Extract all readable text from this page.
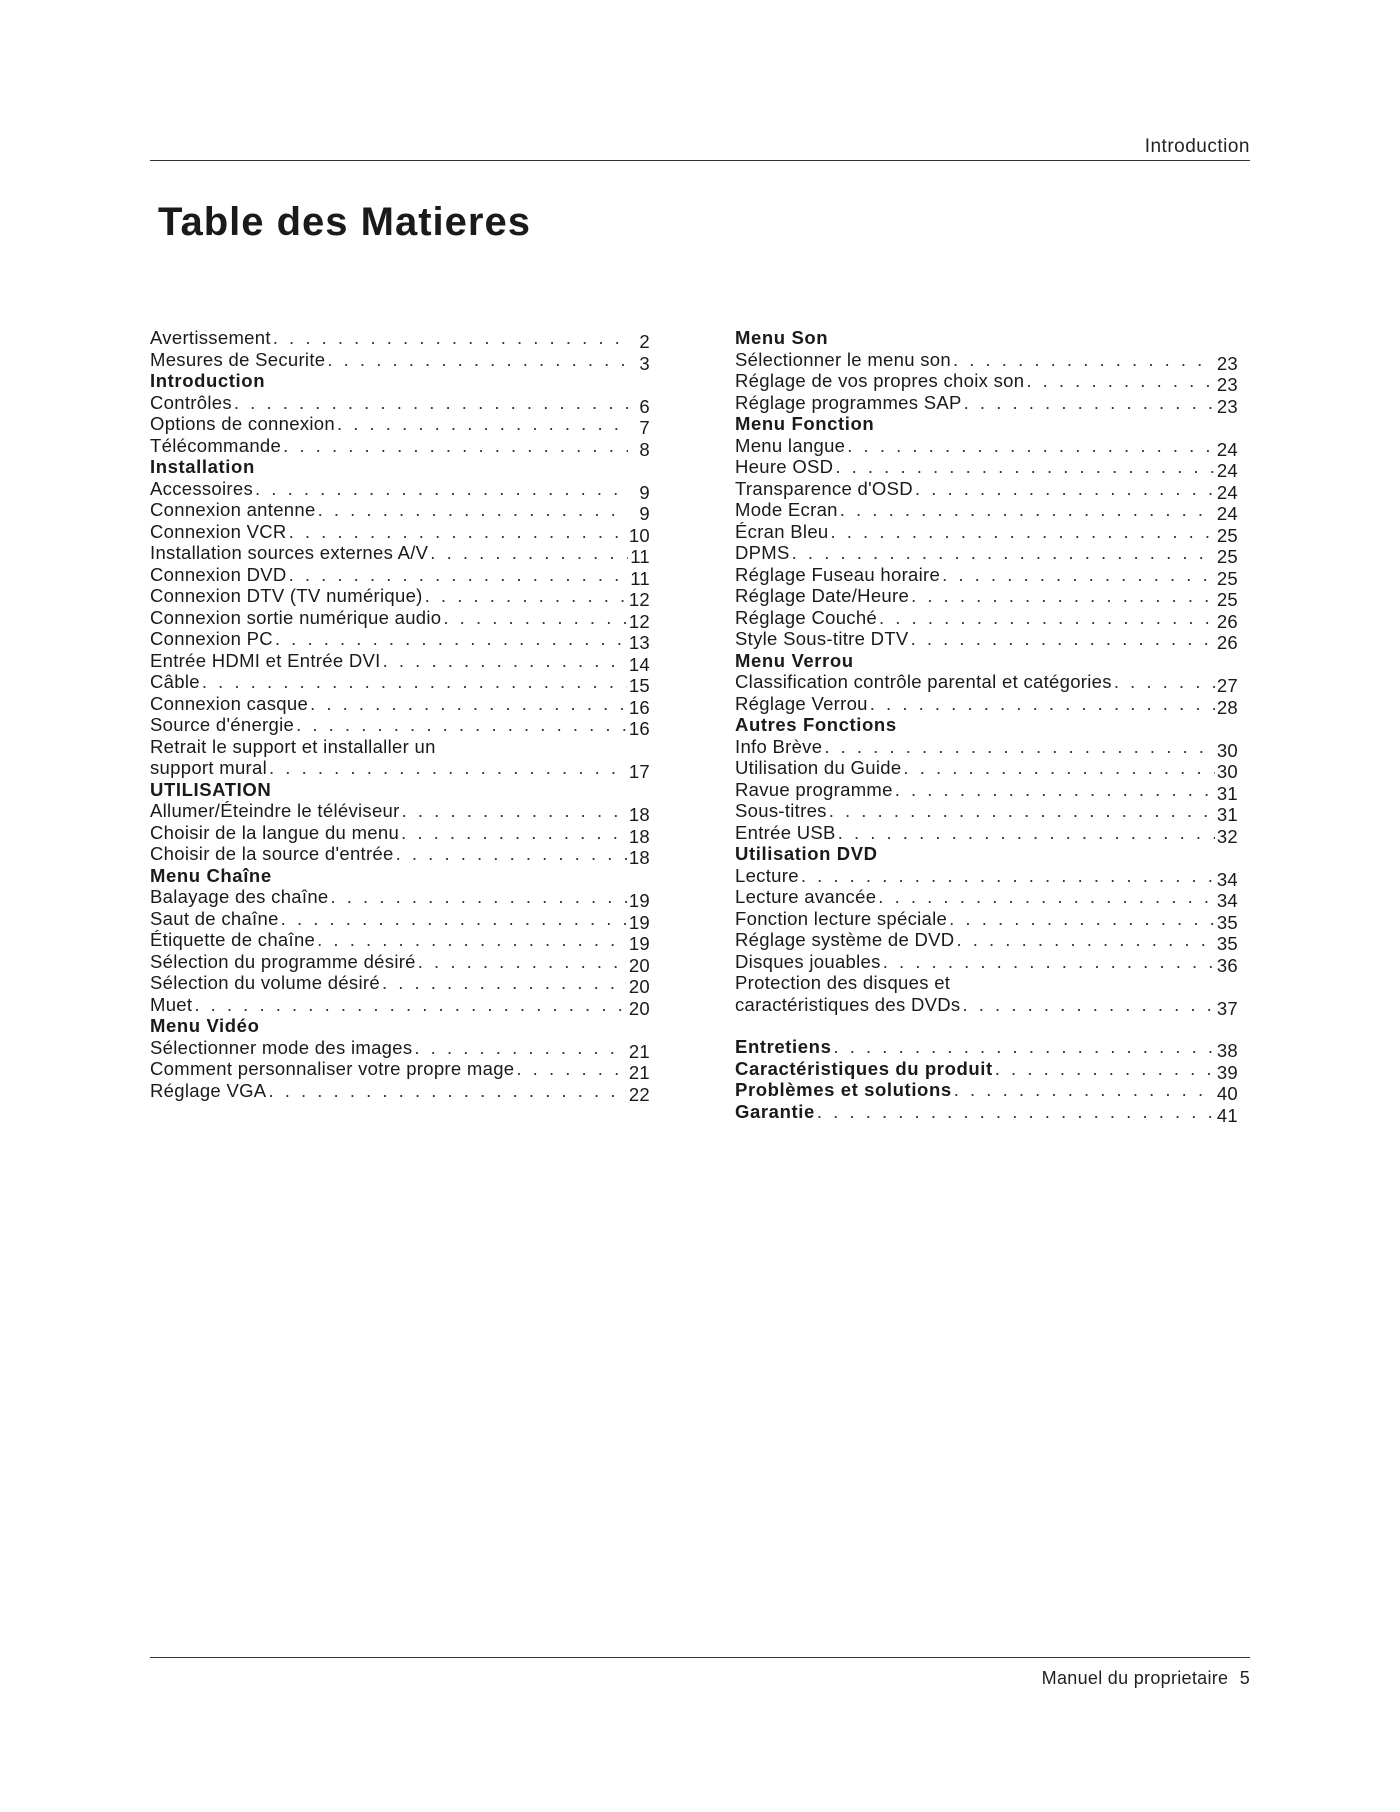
Introduction
Table des Matieres
Avertissement . . .	2
Mesures de Securite . . .	3
Introduction
Contrôles . . .	6
Options de connexion . . .	7
Télécommande . . .	8
Installation
Accessoires . . .	9
Connexion antenne . . .	9
Connexion VCR . . .	10
Installation sources externes A/V . . .	11
Connexion DVD . . .	11
Connexion DTV (TV numérique) . . .	12
Connexion sortie numérique audio . . .	12
Connexion PC . . .	13
Entrée HDMI et Entrée DVI . . .	14
Câble . . .	15
Connexion casque . . .	16
Source d'énergie . . .	16
Retrait le support et installaller un
support mural . . .	17
UTILISATION
Allumer/Éteindre le téléviseur . . .	18
Choisir de la langue du menu . . .	18
Choisir de la source d'entrée . . .	18
Menu Chaîne
Balayage des chaîne . . .	19
Saut de chaîne . . .	19
Étiquette de chaîne . . .	19
Sélection du programme désiré . . .	20
Sélection du volume désiré . . .	20
Muet . . .	20
Menu Vidéo
Sélectionner mode des images . . .	21
Comment personnaliser votre propre mage . . .	21
Réglage VGA . . .	22
Menu Son
Sélectionner le menu son . . .	23
Réglage de vos propres choix son . . .	23
Réglage programmes SAP . . .	23
Menu Fonction
Menu langue . . .	24
Heure OSD . . .	24
Transparence d'OSD . . .	24
Mode Ecran . . .	24
Écran Bleu . . .	25
DPMS . . .	25
Réglage Fuseau horaire . . .	25
Réglage Date/Heure . . .	25
Réglage Couché . . .	26
Style Sous-titre DTV . . .	26
Menu Verrou
Classification contrôle parental et catégories . . .	27
Réglage Verrou . . .	28
Autres Fonctions
Info Brève . . .	30
Utilisation du Guide . . .	30
Ravue programme . . .	31
Sous-titres . . .	31
Entrée USB . . .	32
Utilisation DVD
Lecture . . .	34
Lecture avancée . . .	34
Fonction lecture spéciale . . .	35
Réglage système de DVD . . .	35
Disques jouables . . .	36
Protection des disques et
caractéristiques des DVDs . . .	37
Entretiens . . .	38
Caractéristiques du produit . . .	39
Problèmes et solutions . . .	40
Garantie . . .	41
Manuel du proprietaire 5
